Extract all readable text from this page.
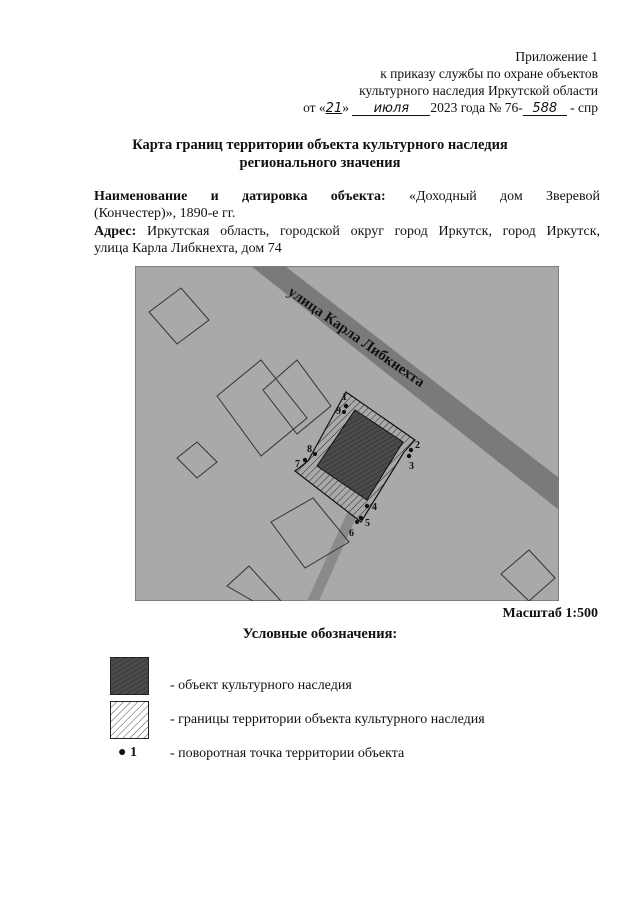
Приложение 1
к приказу службы по охране объектов
культурного наследия Иркутской области
от «21» июля 2023 года № 76- 588 - спр
Карта границ территории объекта культурного наследия
регионального значения
Наименование и датировка объекта: «Доходный дом Зверевой
(Кончестер)», 1890-е гг.
Адрес: Иркутская область, городской округ город Иркутск, город Иркутск,
улица Карла Либкнехта, дом 74
улица Карла Либкнехта
1
9
2
3
4
5
6
7
8
Масштаб 1:500
Условные обозначения:
- объект культурного наследия
- границы территории объекта культурного наследия
● 1 - поворотная точка территории объекта
